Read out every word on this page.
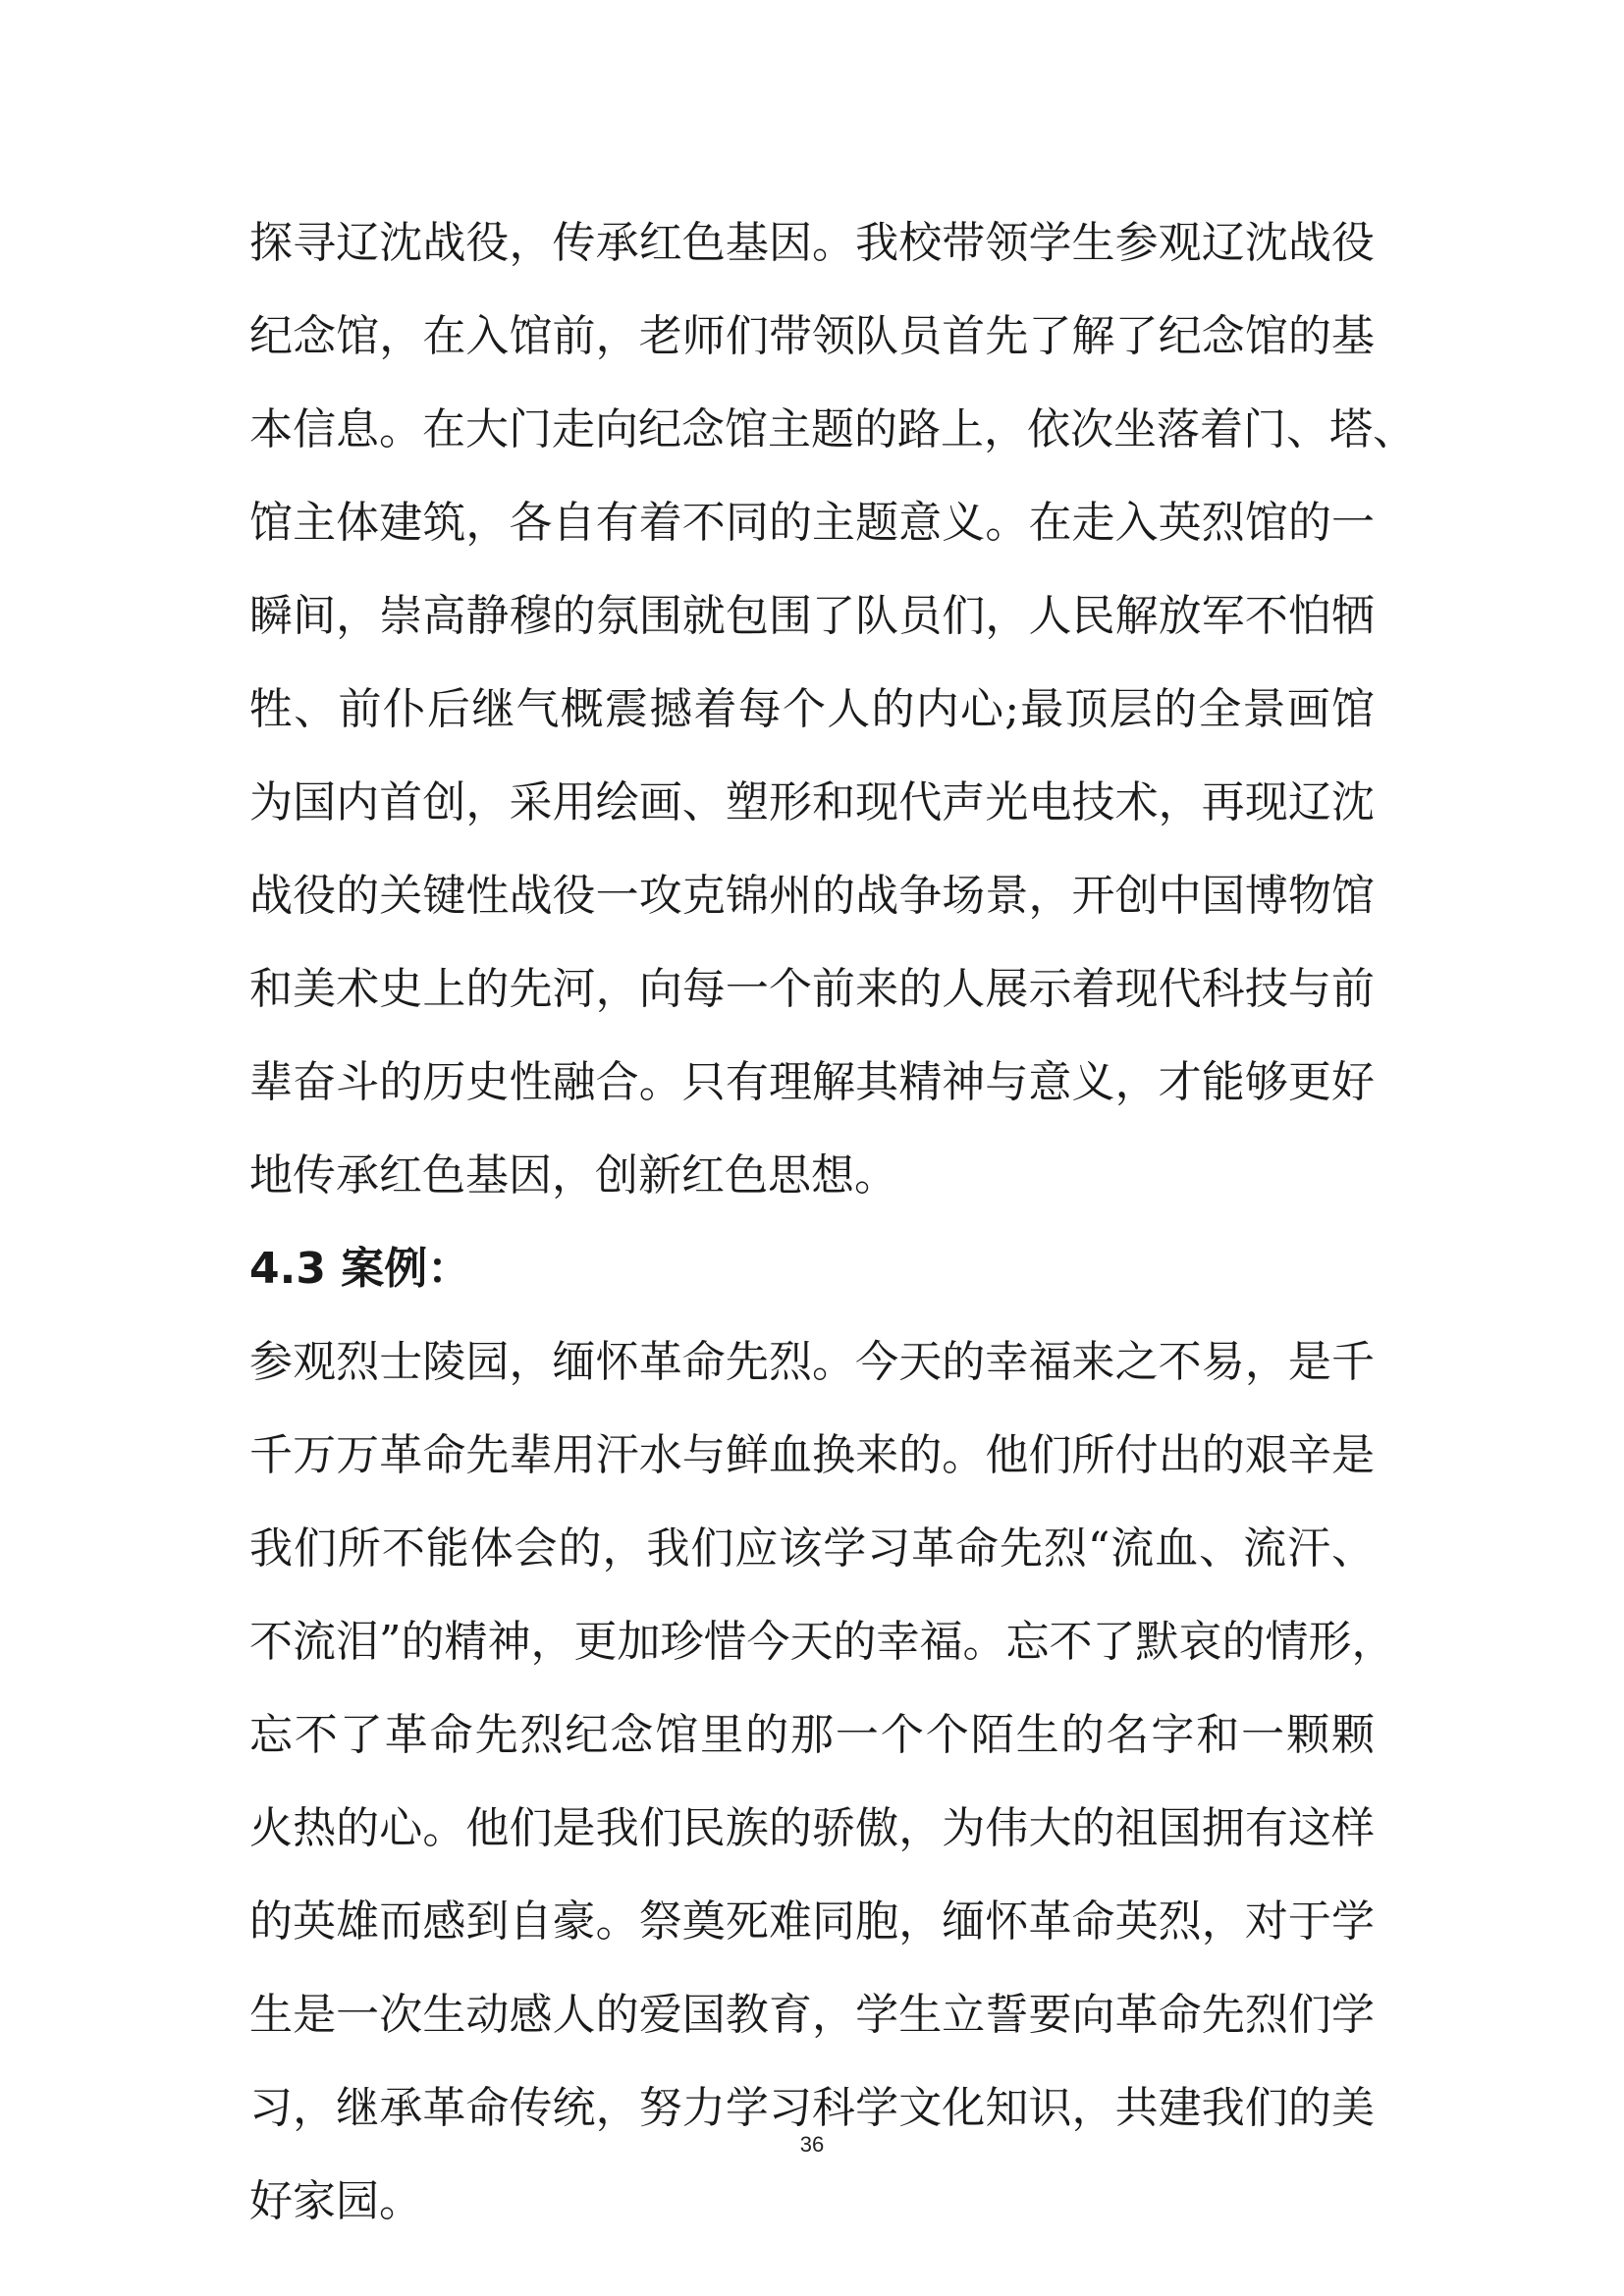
探寻辽沈战役，传承红色基因。我校带领学生参观辽沈战役
纪念馆，在入馆前，老师们带领队员首先了解了纪念馆的基
本信息。在大门走向纪念馆主题的路上，依次坐落着门、塔、
馆主体建筑，各自有着不同的主题意义。在走入英烈馆的一
瞬间，崇高静穆的氛围就包围了队员们，人民解放军不怕牺
牲、前仆后继气概震撼着每个人的内心;最顶层的全景画馆
为国内首创，采用绘画、塑形和现代声光电技术，再现辽沈
战役的关键性战役一攻克锦州的战争场景，开创中国博物馆
和美术史上的先河，向每一个前来的人展示着现代科技与前
辈奋斗的历史性融合。只有理解其精神与意义，才能够更好
地传承红色基因，创新红色思想。
4.3 案例：
参观烈士陵园，缅怀革命先烈。今天的幸福来之不易，是千
千万万革命先辈用汗水与鲜血换来的。他们所付出的艰辛是
我们所不能体会的，我们应该学习革命先烈“流血、流汗、
不流泪”的精神，更加珍惜今天的幸福。忘不了默哀的情形，
忘不了革命先烈纪念馆里的那一个个陌生的名字和一颗颗
火热的心。他们是我们民族的骄傲，为伟大的祖国拥有这样
的英雄而感到自豪。祭奠死难同胞，缅怀革命英烈，对于学
生是一次生动感人的爱国教育，学生立誓要向革命先烈们学
习，继承革命传统，努力学习科学文化知识，共建我们的美
好家园。
36
